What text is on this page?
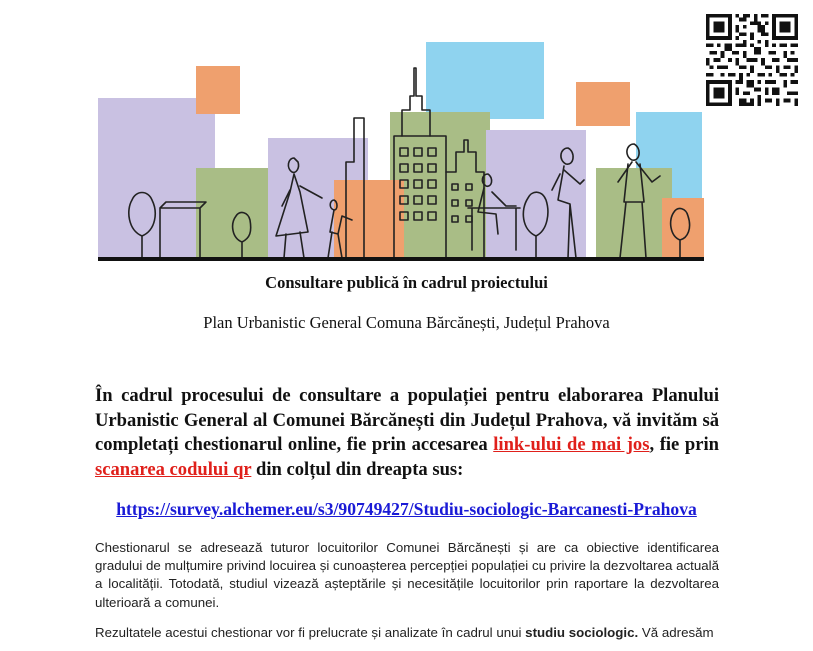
Consultare publică în cadrul proiectului
Plan Urbanistic General Comuna Bărcănești, Județul Prahova
În cadrul procesului de consultare a populației pentru elaborarea Planului Urbanistic General al Comunei Bărcănești din Județul Prahova, vă invităm să completați chestionarul online, fie prin accesarea link-ului de mai jos, fie prin scanarea codului qr din colțul din dreapta sus:
https://survey.alchemer.eu/s3/90749427/Studiu-sociologic-Barcanesti-Prahova
Chestionarul se adresează tuturor locuitorilor Comunei Bărcănești și are ca obiective identificarea gradului de mulțumire privind locuirea și cunoașterea percepției populației cu privire la dezvoltarea actuală a localității. Totodată, studiul vizează așteptările și necesitățile locuitorilor prin raportare la dezvoltarea ulterioară a comunei.
Rezultatele acestui chestionar vor fi prelucrate și analizate în cadrul unui studiu sociologic. Vă adresăm
